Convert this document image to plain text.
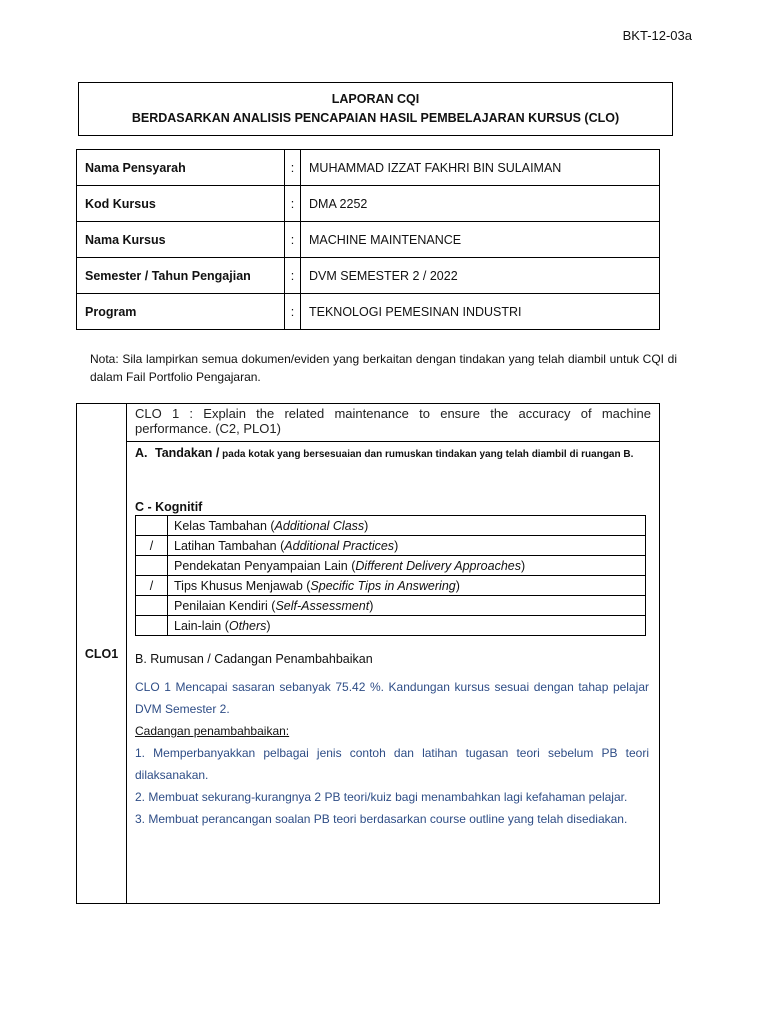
BKT-12-03a
LAPORAN CQI
BERDASARKAN ANALISIS PENCAPAIAN HASIL PEMBELAJARAN KURSUS (CLO)
Nama Pensyarah	:	MUHAMMAD IZZAT FAKHRI BIN SULAIMAN
Kod Kursus	:	DMA 2252
Nama Kursus	:	MACHINE MAINTENANCE
Semester / Tahun Pengajian	:	DVM SEMESTER 2 / 2022
Program	:	TEKNOLOGI PEMESINAN INDUSTRI
Nota: Sila lampirkan semua dokumen/eviden yang berkaitan dengan tindakan yang telah diambil untuk CQI di dalam Fail Portfolio Pengajaran.
CLO1
CLO 1 : Explain the related maintenance to ensure the accuracy of machine performance. (C2, PLO1)
A. Tandakan / pada kotak yang bersesuaian dan rumuskan tindakan yang telah diambil di ruangan B.
C - Kognitif
	Kelas Tambahan (Additional Class)
/	Latihan Tambahan (Additional Practices)
	Pendekatan Penyampaian Lain (Different Delivery Approaches)
/	Tips Khusus Menjawab (Specific Tips in Answering)
	Penilaian Kendiri (Self-Assessment)
	Lain-lain (Others)
B. Rumusan / Cadangan Penambahbaikan
CLO 1 Mencapai sasaran sebanyak 75.42 %. Kandungan kursus sesuai dengan tahap pelajar DVM Semester 2.
Cadangan penambahbaikan:
1. Memperbanyakkan pelbagai jenis contoh dan latihan tugasan teori sebelum PB teori dilaksanakan.
2. Membuat sekurang-kurangnya 2 PB teori/kuiz bagi menambahkan lagi kefahaman pelajar.
3. Membuat perancangan soalan PB teori berdasarkan course outline yang telah disediakan.
